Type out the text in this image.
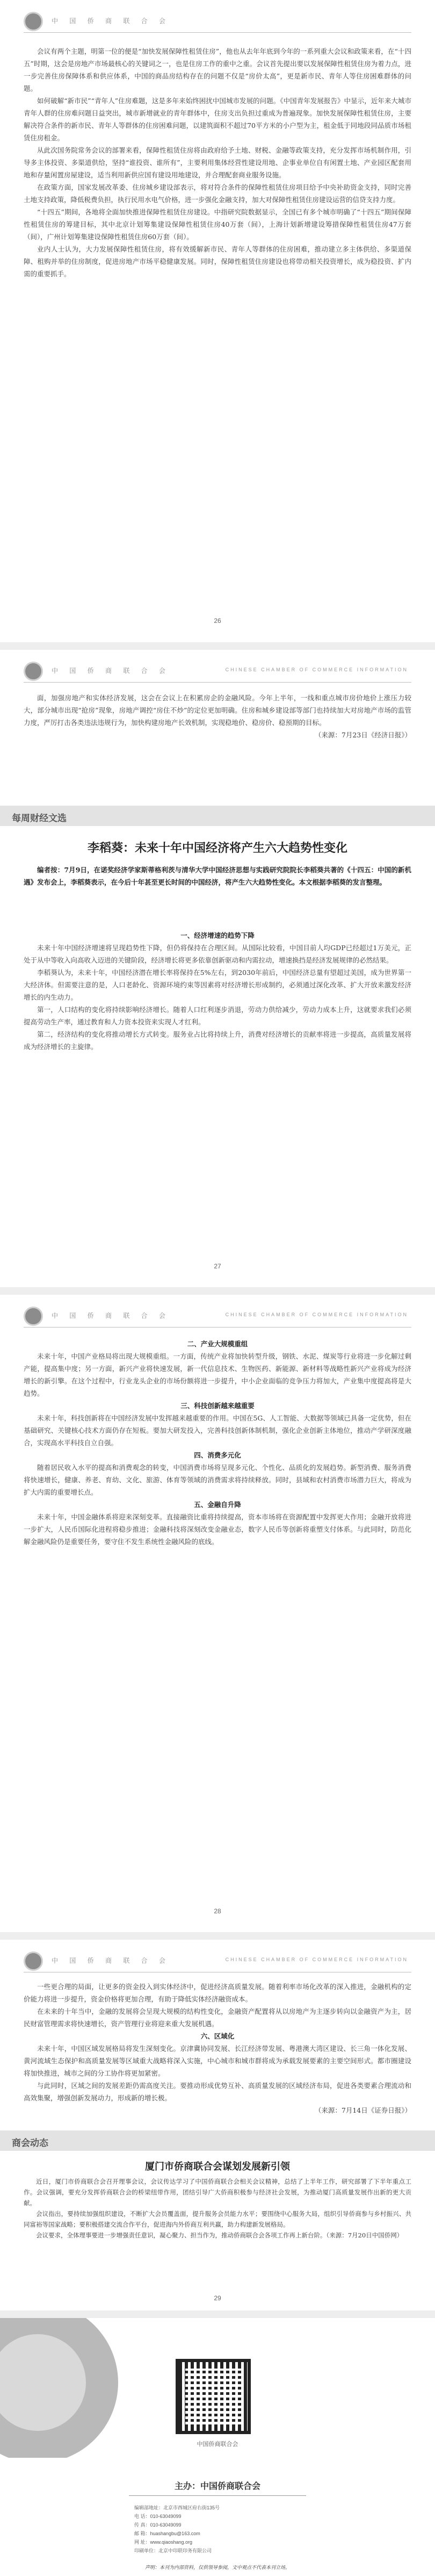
中 国 侨 商 联 合 会

会议有两个主题，明第一位的便是“加快发展保障性租赁住房”，他也从去年年底到今年的一系列重大会议和政策来看，在“十四五”时期，这会是房地产市场最核心的关键词之一，也是住房工作的重中之重。会议首先提出要以发展保障性租赁住房为着力点，进一步完善住房保障体系和供应体系，中国的商品房结构存在的问题不仅是“房价太高”，更是新市民、青年人等住房困难群体的问题。

如何破解“新市民”“青年人”住房难题，这是多年来始终困扰中国城市发展的问题。《中国青年发展报告》中显示，近年来大城市青年人群的住房难问题日益突出，城市新增就业的青年群体中，住房支出负担过重成为普遍现象。加快发展保障性租赁住房，主要解决符合条件的新市民、青年人等群体的住房困难问题，以建筑面积不超过70平方米的小户型为主，租金低于同地段同品质市场租赁住房租金。

从此次国务院常务会议的部署来看，保障性租赁住房将由政府给予土地、财税、金融等政策支持，充分发挥市场机制作用，引导多主体投资、多渠道供给，坚持“谁投资、谁所有”，主要利用集体经营性建设用地、企事业单位自有闲置土地、产业园区配套用地和存量闲置房屋建设，适当利用新供应国有建设用地建设，并合理配套商业服务设施。

在政策方面，国家发展改革委、住房城乡建设部表示，将对符合条件的保障性租赁住房项目给予中央补助资金支持，同时完善土地支持政策，降低税费负担，执行民用水电气价格，进一步强化金融支持，加大对保障性租赁住房建设运营的信贷支持力度。

“十四五”期间，各地将全面加快推进保障性租赁住房建设。中指研究院数据显示，全国已有多个城市明确了“十四五”期间保障性租赁住房的筹建目标，其中北京计划筹集建设保障性租赁住房40万套（间），上海计划新增建设筹措保障性租赁住房47万套（间），广州计划筹集建设保障性租赁住房60万套（间）。

业内人士认为，大力发展保障性租赁住房，将有效缓解新市民、青年人等群体的住房困难，推动建立多主体供给、多渠道保障、租购并举的住房制度，促进房地产市场平稳健康发展。同时，保障性租赁住房建设也将带动相关投资增长，成为稳投资、扩内需的重要抓手。

26
中 国 侨 商 联 合 会	CHINESE CHAMBER OF COMMERCE INFORMATION

面，加强房地产和实体经济发展，这会在会议上在积累房企的金融风险。今年上半年，一线和重点城市房价地价上涨压力较大，部分城市出现“抢房”现象，房地产调控“房住不炒”的定位更加明确。住房和城乡建设部等部门也持续加大对房地产市场的监管力度，严厉打击各类违法违规行为，加快构建房地产长效机制，实现稳地价、稳房价、稳预期的目标。

（来源：7月23日《经济日报》）

每周财经文选
李稻葵：未来十年中国经济将产生六大趋势性变化

编者按：7月9日，在诺奖经济学家斯蒂格利茨与清华大学中国经济思想与实践研究院院长李稻葵共著的《十四五：中国的新机遇》发布会上，李稻葵表示，在今后十年甚至更长时间的中国经济，将产生六大趋势性变化。本文根据李稻葵的发言整理。

一、经济增速的趋势下降

未来十年中国经济增速将呈现趋势性下降，但仍将保持在合理区间。从国际比较看，中国目前人均GDP已经超过1万美元，正处于从中等收入向高收入迈进的关键阶段，经济增长将更多依靠创新驱动和内需拉动，增速换挡是经济发展规律的必然结果。

李稻葵认为，未来十年，中国经济潜在增长率将保持在5%左右，到2030年前后，中国经济总量有望超过美国，成为世界第一大经济体。但需要注意的是，人口老龄化、资源环境约束等因素将对经济增长形成制约，必须通过深化改革、扩大开放来激发经济增长的内生动力。

第一，人口结构的变化将持续影响经济增长。随着人口红利逐步消退，劳动力供给减少，劳动力成本上升，这就要求我们必须提高劳动生产率，通过教育和人力资本投资来实现人才红利。

第二，经济结构的变化将推动增长方式转变。服务业占比将持续上升，消费对经济增长的贡献率将进一步提高，高质量发展将成为经济增长的主旋律。

27
中 国 侨 商 联 合 会	CHINESE CHAMBER OF COMMERCE INFORMATION

二、产业大规模重组

未来十年，中国产业格局将出现大规模重组。一方面，传统产业将加快转型升级，钢铁、水泥、煤炭等行业将进一步化解过剩产能，提高集中度；另一方面，新兴产业将快速发展，新一代信息技术、生物医药、新能源、新材料等战略性新兴产业将成为经济增长的新引擎。在这个过程中，行业龙头企业的市场份额将进一步提升，中小企业面临的竞争压力将加大，产业集中度提高将是大趋势。

三、科技创新越来越重要

未来十年，科技创新将在中国经济发展中发挥越来越重要的作用。中国在5G、人工智能、大数据等领域已具备一定优势，但在基础研究、关键核心技术方面仍存在短板。要加大研发投入，完善科技创新体制机制，强化企业创新主体地位，推动产学研深度融合，实现高水平科技自立自强。

四、消费多元化

随着居民收入水平的提高和消费观念的转变，中国消费市场将呈现多元化、个性化、品质化的发展趋势。新型消费、服务消费将快速增长，健康、养老、育幼、文化、旅游、体育等领域的消费需求将持续释放。同时，县域和农村消费市场潜力巨大，将成为扩大内需的重要增长点。

五、金融自升降

未来十年，中国金融体系将迎来深刻变革。直接融资比重将持续提高，资本市场将在资源配置中发挥更大作用；金融开放将进一步扩大，人民币国际化进程将稳步推进；金融科技将深刻改变金融业态，数字人民币等创新将重塑支付体系。与此同时，防范化解金融风险仍是重要任务，要守住不发生系统性金融风险的底线。

28
中 国 侨 商 联 合 会	CHINESE CHAMBER OF COMMERCE INFORMATION

一些更合理的局面，让更多的资金投入到实体经济中，促进经济高质量发展。随着利率市场化改革的深入推进，金融机构的定价能力将进一步提升，资金价格将更加合理，有助于降低实体经济融资成本。

在未来的十年当中，金融的发展将会呈现大规模的结构性变化，金融资产配置将从以房地产为主逐步转向以金融资产为主，居民财富管理需求将快速增长，资产管理行业将迎来重大发展机遇。

六、区域化

未来十年，中国区域发展格局将发生深刻变化。京津冀协同发展、长江经济带发展、粤港澳大湾区建设、长三角一体化发展、黄河流域生态保护和高质量发展等区域重大战略将深入实施，中心城市和城市群将成为承载发展要素的主要空间形式。都市圈建设将加快推进，城市之间的分工协作将更加紧密。

与此同时，区域之间的发展差距仍需高度关注。要推动形成优势互补、高质量发展的区域经济布局，促进各类要素合理流动和高效集聚，增强创新发展动力，形成新的增长极。

（来源：7月14日《证券日报》）

商会动态
厦门市侨商联合会谋划发展新引领

近日，厦门市侨商联合会召开理事会议，会议传达学习了中国侨商联合会相关会议精神，总结了上半年工作，研究部署了下半年重点工作。会议强调，要充分发挥侨商联合会的桥梁纽带作用，团结引导广大侨商积极参与经济社会发展，为推动厦门高质量发展作出新的更大贡献。

会议指出，要持续加强组织建设，不断扩大会员覆盖面，提升服务会员能力水平；要围绕中心服务大局，组织引导侨商参与乡村振兴、共同富裕等国家战略；要积极搭建交流合作平台，促进海内外侨商互利共赢，助力构建新发展格局。

会议要求，全体理事要进一步增强责任意识，凝心聚力、担当作为，推动侨商联合会各项工作再上新台阶。（来源：7月20日中国侨网）

29
中国侨商联合会
主办：中国侨商联合会
编辑部地址：北京市西城区府右街135号
电 话：010-63049099
传 真：010-63049099
邮 箱：huashangbu@163.com
网 址：www.qiaoshang.org
印刷单位：北京中印联印务有限公司
声明：本刊为内部资料，仅供领导参阅，文中观点不代表本刊立场。
